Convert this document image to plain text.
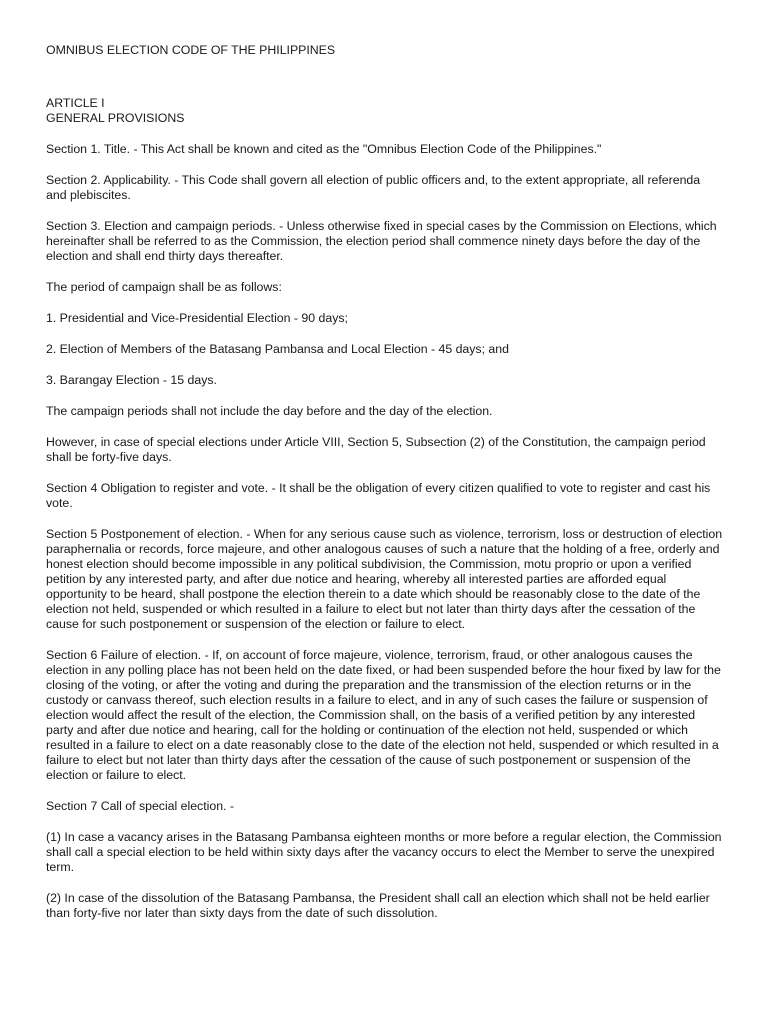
OMNIBUS ELECTION CODE OF THE PHILIPPINES

ARTICLE I
GENERAL PROVISIONS

Section 1. Title. - This Act shall be known and cited as the "Omnibus Election Code of the Philippines."

Section 2. Applicability. - This Code shall govern all election of public officers and, to the extent appropriate, all referenda and plebiscites.

Section 3. Election and campaign periods. - Unless otherwise fixed in special cases by the Commission on Elections, which hereinafter shall be referred to as the Commission, the election period shall commence ninety days before the day of the election and shall end thirty days thereafter.

The period of campaign shall be as follows:

1. Presidential and Vice-Presidential Election - 90 days;

2. Election of Members of the Batasang Pambansa and Local Election - 45 days; and

3. Barangay Election - 15 days.

The campaign periods shall not include the day before and the day of the election.

However, in case of special elections under Article VIII, Section 5, Subsection (2) of the Constitution, the campaign period shall be forty-five days.

Section 4 Obligation to register and vote. - It shall be the obligation of every citizen qualified to vote to register and cast his vote.

Section 5 Postponement of election. - When for any serious cause such as violence, terrorism, loss or destruction of election paraphernalia or records, force majeure, and other analogous causes of such a nature that the holding of a free, orderly and honest election should become impossible in any political subdivision, the Commission, motu proprio or upon a verified petition by any interested party, and after due notice and hearing, whereby all interested parties are afforded equal opportunity to be heard, shall postpone the election therein to a date which should be reasonably close to the date of the election not held, suspended or which resulted in a failure to elect but not later than thirty days after the cessation of the cause for such postponement or suspension of the election or failure to elect.

Section 6 Failure of election. - If, on account of force majeure, violence, terrorism, fraud, or other analogous causes the election in any polling place has not been held on the date fixed, or had been suspended before the hour fixed by law for the closing of the voting, or after the voting and during the preparation and the transmission of the election returns or in the custody or canvass thereof, such election results in a failure to elect, and in any of such cases the failure or suspension of election would affect the result of the election, the Commission shall, on the basis of a verified petition by any interested party and after due notice and hearing, call for the holding or continuation of the election not held, suspended or which resulted in a failure to elect on a date reasonably close to the date of the election not held, suspended or which resulted in a failure to elect but not later than thirty days after the cessation of the cause of such postponement or suspension of the election or failure to elect.

Section 7 Call of special election. -

(1) In case a vacancy arises in the Batasang Pambansa eighteen months or more before a regular election, the Commission shall call a special election to be held within sixty days after the vacancy occurs to elect the Member to serve the unexpired term.

(2) In case of the dissolution of the Batasang Pambansa, the President shall call an election which shall not be held earlier than forty-five nor later than sixty days from the date of such dissolution.
